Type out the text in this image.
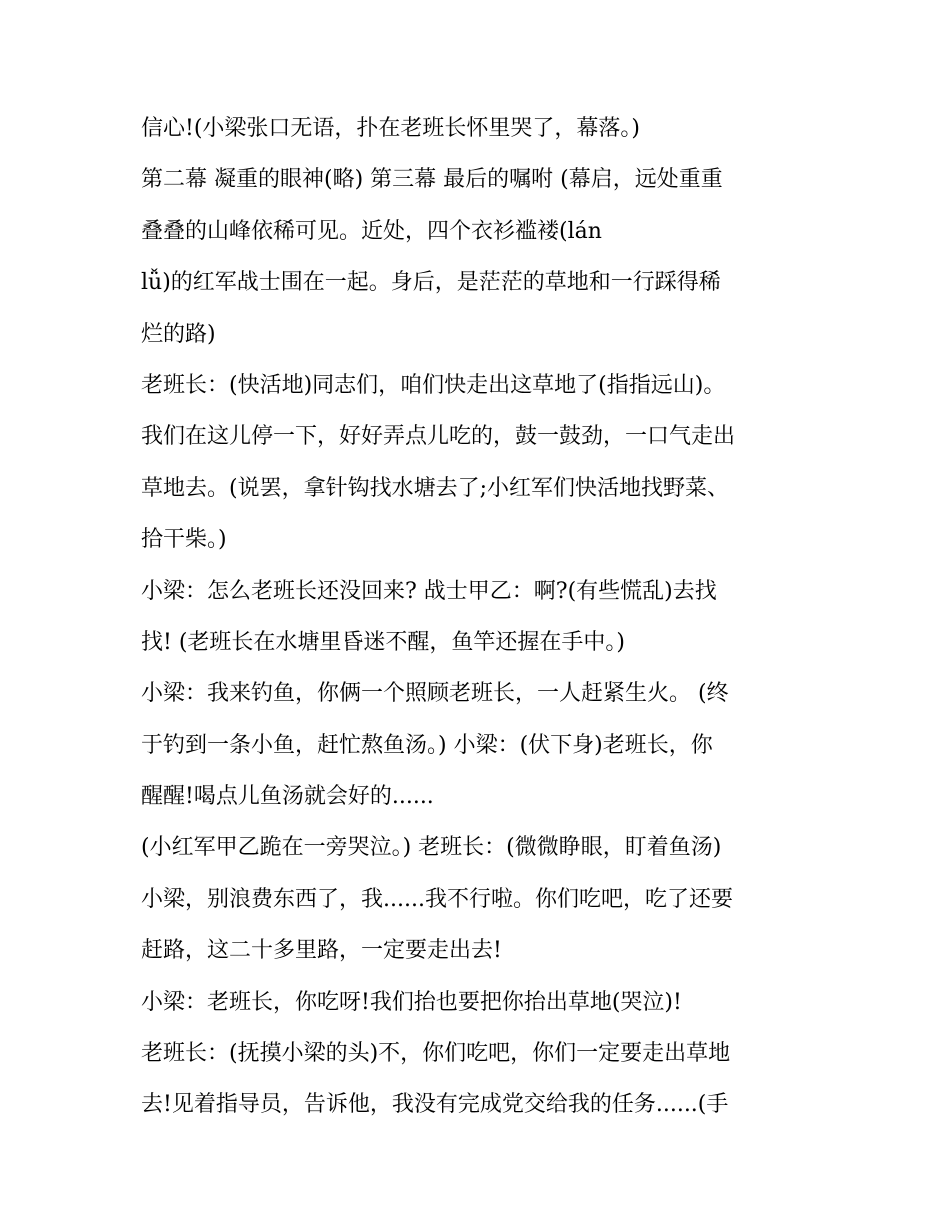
信心!(小梁张口无语，扑在老班长怀里哭了，幕落。)
第二幕 凝重的眼神(略) 第三幕 最后的嘱咐 (幕启，远处重重
叠叠的山峰依稀可见。近处，四个衣衫褴褛(lán
lǚ)的红军战士围在一起。身后，是茫茫的草地和一行踩得稀
烂的路)
老班长：(快活地)同志们，咱们快走出这草地了(指指远山)。
我们在这儿停一下，好好弄点儿吃的，鼓一鼓劲，一口气走出
草地去。(说罢，拿针钩找水塘去了;小红军们快活地找野菜、
拾干柴。)
小梁：怎么老班长还没回来? 战士甲乙：啊?(有些慌乱)去找
找! (老班长在水塘里昏迷不醒，鱼竿还握在手中。)
小梁：我来钓鱼，你俩一个照顾老班长，一人赶紧生火。 (终
于钓到一条小鱼，赶忙熬鱼汤。) 小梁：(伏下身)老班长，你
醒醒!喝点儿鱼汤就会好的......
(小红军甲乙跪在一旁哭泣。) 老班长：(微微睁眼，盯着鱼汤)
小梁，别浪费东西了，我......我不行啦。你们吃吧，吃了还要
赶路，这二十多里路，一定要走出去!
小梁：老班长，你吃呀!我们抬也要把你抬出草地(哭泣)!
老班长：(抚摸小梁的头)不，你们吃吧，你们一定要走出草地
去!见着指导员，告诉他，我没有完成党交给我的任务......(手
